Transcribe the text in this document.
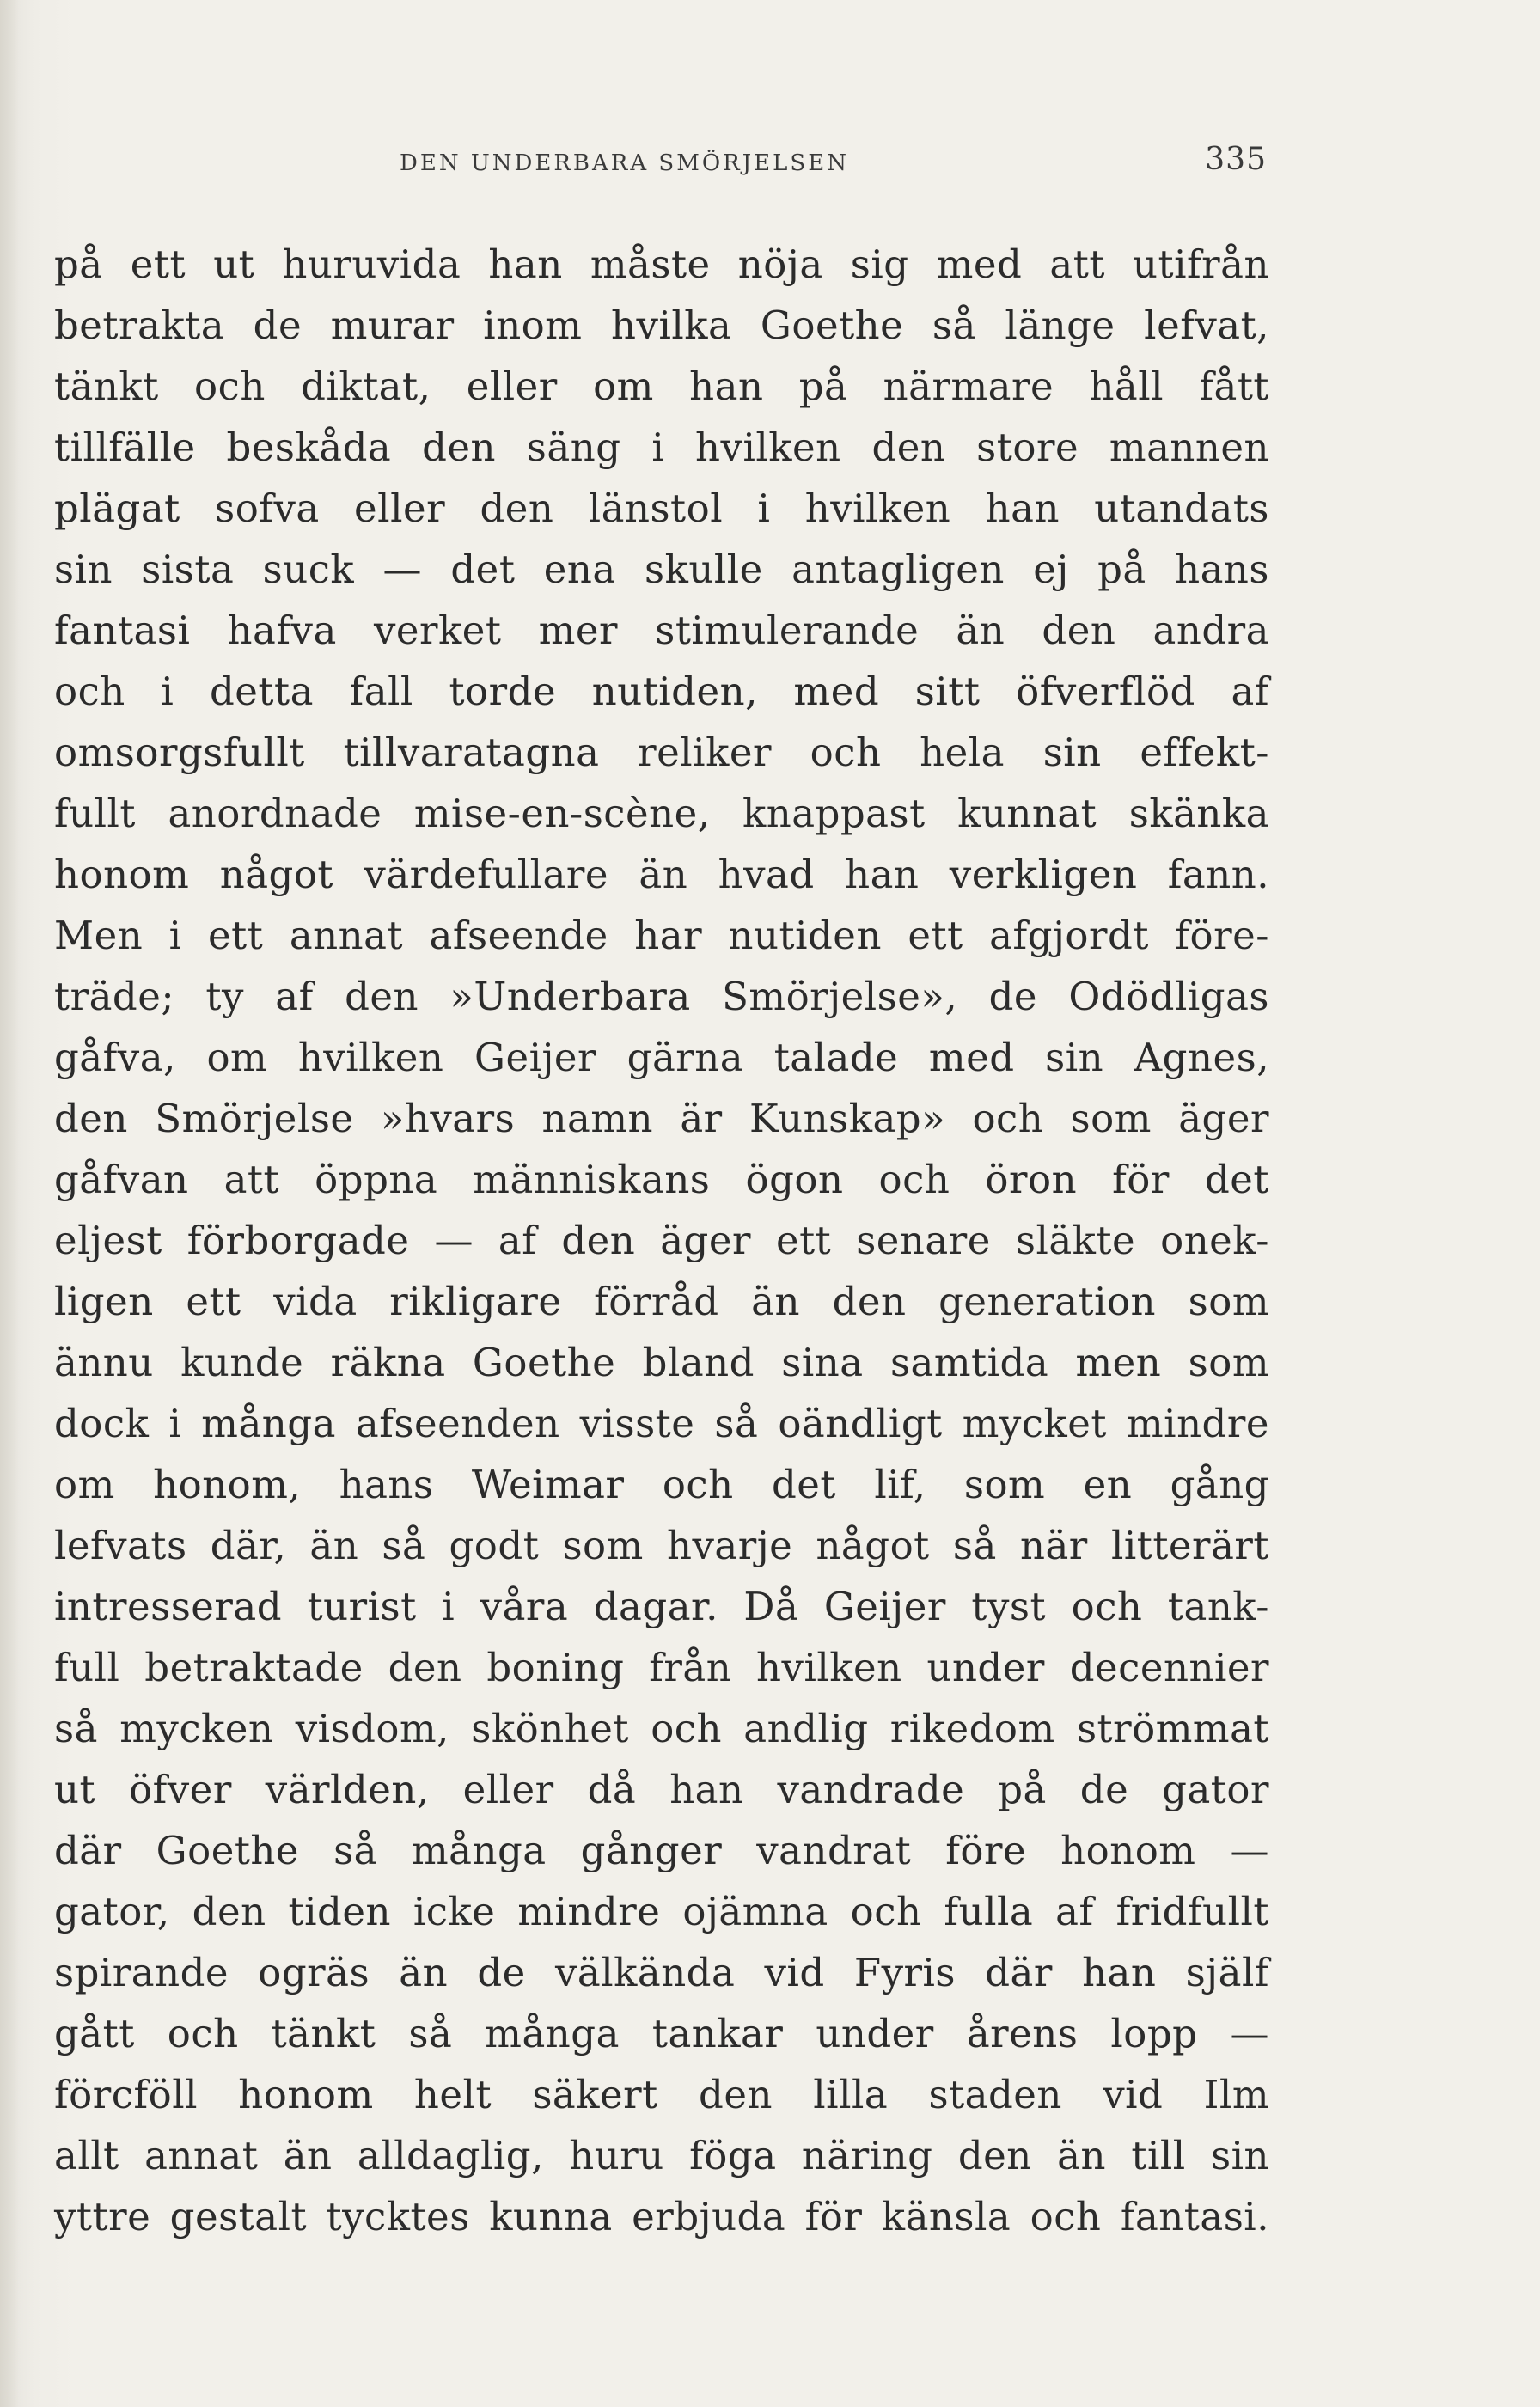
DEN UNDERBARA SMÖRJELSEN	335
på ett ut huruvida han måste nöja sig med att utifrån
betrakta de murar inom hvilka Goethe så länge lefvat,
tänkt och diktat, eller om han på närmare håll fått
tillfälle beskåda den säng i hvilken den store mannen
plägat sofva eller den länstol i hvilken han utandats
sin sista suck — det ena skulle antagligen ej på hans
fantasi hafva verket mer stimulerande än den andra
och i detta fall torde nutiden, med sitt öfverflöd af
omsorgsfullt tillvaratagna reliker och hela sin effekt-
fullt anordnade mise-en-scène, knappast kunnat skänka
honom något värdefullare än hvad han verkligen fann.
Men i ett annat afseende har nutiden ett afgjordt före-
träde; ty af den »Underbara Smörjelse», de Odödligas
gåfva, om hvilken Geijer gärna talade med sin Agnes,
den Smörjelse »hvars namn är Kunskap» och som äger
gåfvan att öppna människans ögon och öron för det
eljest förborgade — af den äger ett senare släkte onek-
ligen ett vida rikligare förråd än den generation som
ännu kunde räkna Goethe bland sina samtida men som
dock i många afseenden visste så oändligt mycket mindre
om honom, hans Weimar och det lif, som en gång
lefvats där, än så godt som hvarje något så när litterärt
intresserad turist i våra dagar. Då Geijer tyst och tank-
full betraktade den boning från hvilken under decennier
så mycken visdom, skönhet och andlig rikedom strömmat
ut öfver världen, eller då han vandrade på de gator
där Goethe så många gånger vandrat före honom —
gator, den tiden icke mindre ojämna och fulla af fridfullt
spirande ogräs än de välkända vid Fyris där han själf
gått och tänkt så många tankar under årens lopp —
förcföll honom helt säkert den lilla staden vid Ilm
allt annat än alldaglig, huru föga näring den än till sin
yttre gestalt tycktes kunna erbjuda för känsla och fantasi.
